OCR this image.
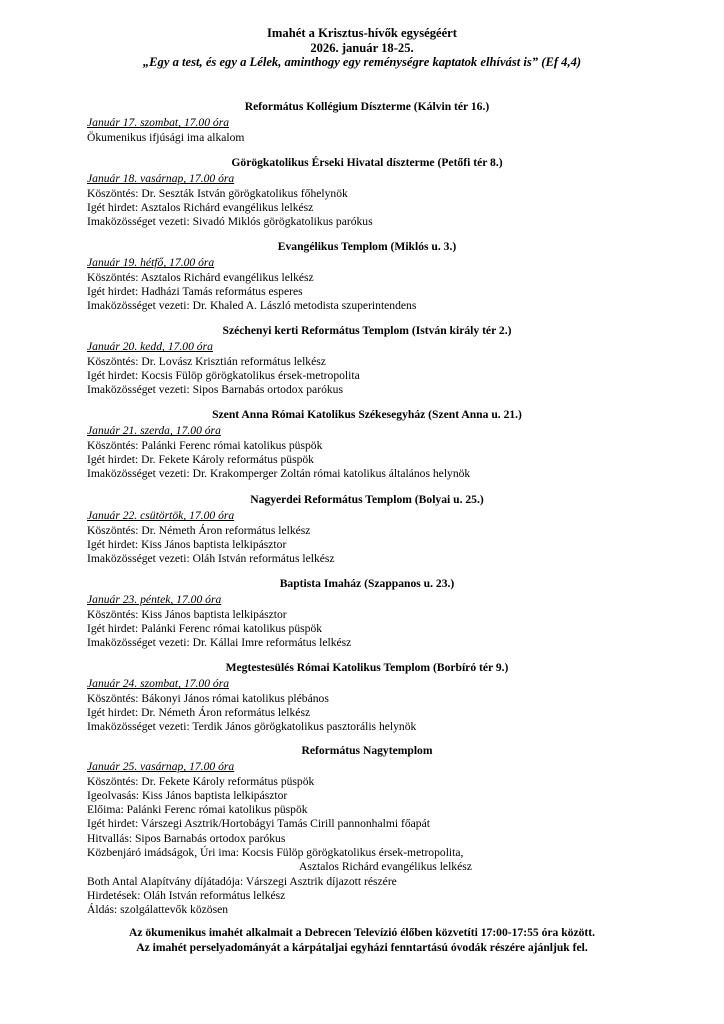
Imahét a Krisztus-hívők egységéért
2026. január 18-25.
„Egy a test, és egy a Lélek, aminthogy egy reménységre kaptatok elhívást is” (Ef 4,4)
Református Kollégium Díszterme (Kálvin tér 16.)
Január 17. szombat, 17.00 óra
Ökumenikus ifjúsági ima alkalom
Görögkatolikus Érseki Hivatal díszterme (Petőfi tér 8.)
Január 18. vasárnap, 17.00 óra
Köszöntés: Dr. Seszták István görögkatolikus főhelynök
Igét hirdet: Asztalos Richárd evangélikus lelkész
Imaközösséget vezeti: Sivadó Miklós görögkatolikus parókus
Evangélikus Templom (Miklós u. 3.)
Január 19. hétfő, 17.00 óra
Köszöntés: Asztalos Richárd evangélikus lelkész
Igét hirdet: Hadházi Tamás református esperes
Imaközösséget vezeti: Dr. Khaled A. László metodista szuperintendens
Széchenyi kerti Református Templom (István király tér 2.)
Január 20. kedd, 17.00 óra
Köszöntés: Dr. Lovász Krisztián református lelkész
Igét hirdet: Kocsis Fülöp görögkatolikus érsek-metropolita
Imaközösséget vezeti: Sipos Barnabás ortodox parókus
Szent Anna Római Katolikus Székesegyház (Szent Anna u. 21.)
Január 21. szerda, 17.00 óra
Köszöntés: Palánki Ferenc római katolikus püspök
Igét hirdet: Dr. Fekete Károly református püspök
Imaközösséget vezeti: Dr. Krakomperger Zoltán római katolikus általános helynök
Nagyerdei Református Templom (Bolyai u. 25.)
Január 22. csütörtök, 17.00 óra
Köszöntés: Dr. Németh Áron református lelkész
Igét hirdet: Kiss János baptista lelkipásztor
Imaközösséget vezeti: Oláh István református lelkész
Baptista Imaház (Szappanos u. 23.)
Január 23. péntek, 17.00 óra
Köszöntés: Kiss János baptista lelkipásztor
Igét hirdet: Palánki Ferenc római katolikus püspök
Imaközösséget vezeti: Dr. Kállai Imre református lelkész
Megtestesülés Római Katolikus Templom (Borbíró tér 9.)
Január 24. szombat, 17.00 óra
Köszöntés: Bákonyi János római katolikus plébános
Igét hirdet: Dr. Németh Áron református lelkész
Imaközösséget vezeti: Terdik János görögkatolikus pasztorális helynök
Református Nagytemplom
Január 25. vasárnap, 17.00 óra
Köszöntés: Dr. Fekete Károly református püspök
Igeolvasás: Kiss János baptista lelkipásztor
Előima: Palánki Ferenc római katolikus püspök
Igét hirdet: Várszegi Asztrik/Hortobágyi Tamás Cirill pannonhalmi főapát
Hitvallás: Sipos Barnabás ortodox parókus
Közbenjáró imádságok, Úri ima: Kocsis Fülöp görögkatolikus érsek-metropolita,
Asztalos Richárd evangélikus lelkész
Both Antal Alapítvány díjátadója: Várszegi Asztrik díjazott részére
Hirdetések: Oláh István református lelkész
Áldás: szolgálattevők közösen
Az ökumenikus imahét alkalmait a Debrecen Televízió élőben közvetíti 17:00-17:55 óra között.
Az imahét perselyadományát a kárpátaljai egyházi fenntartású óvodák részére ajánljuk fel.
